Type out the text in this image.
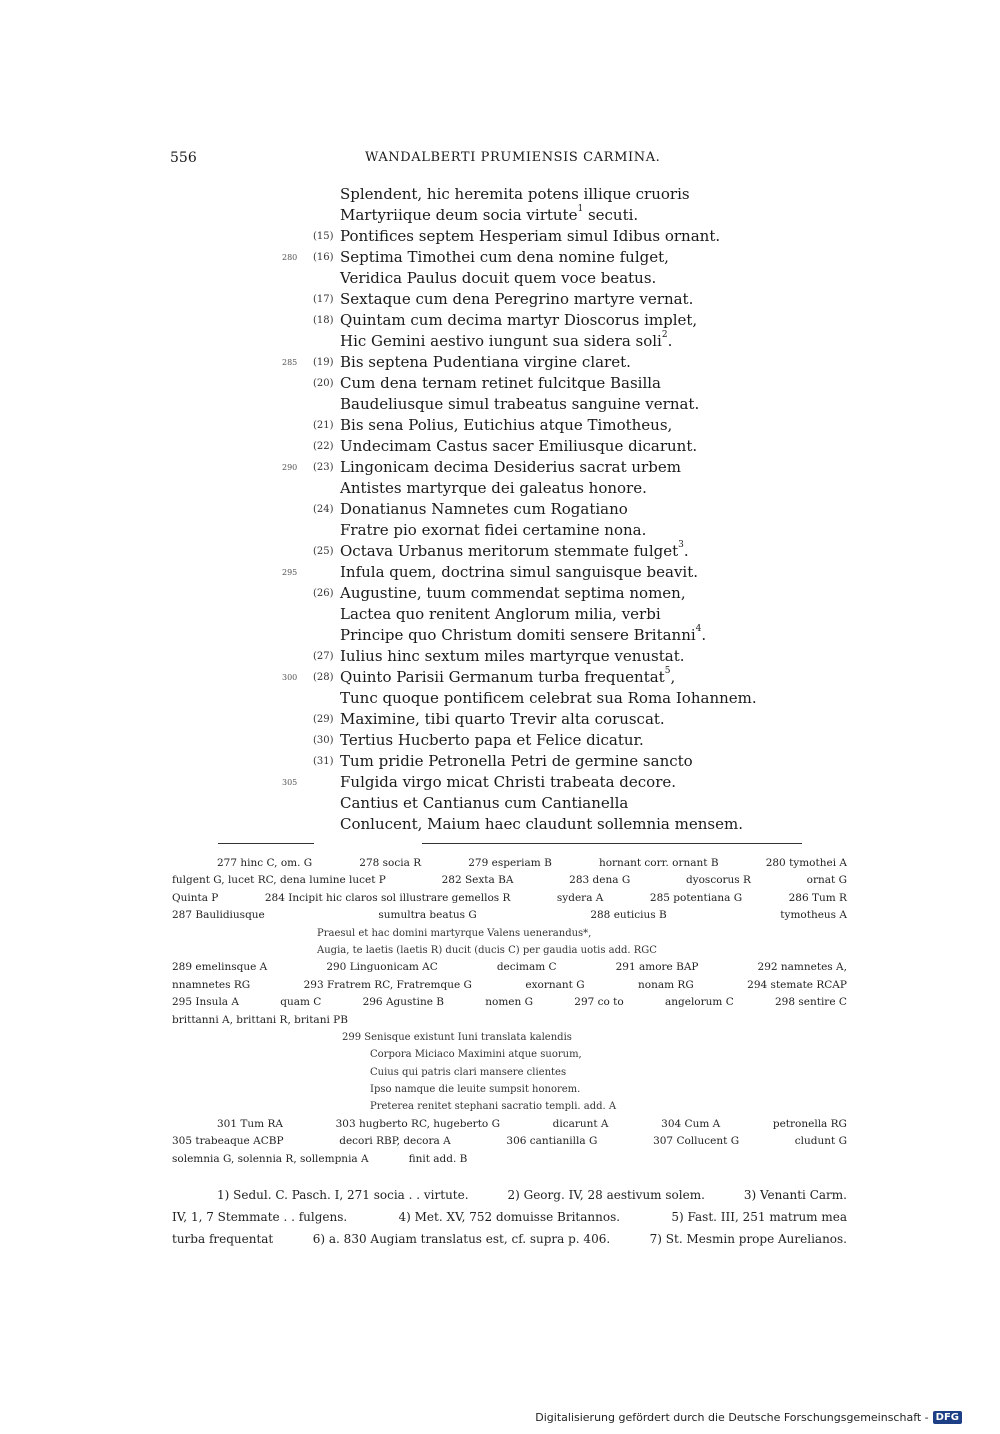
556	WANDALBERTI PRUMIENSIS CARMINA.
Splendent, hic heremita potens illique cruoris
Martyriique deum socia virtute$^1$ secuti.
(15) Pontifices septem Hesperiam simul Idibus ornant.
280 (16) Septima Timothei cum dena nomine fulget,
Veridica Paulus docuit quem voce beatus.
(17) Sextaque cum dena Peregrino martyre vernat.
(18) Quintam cum decima martyr Dioscorus implet,
Hic Gemini aestivo iungunt sua sidera soli$^2$.
285 (19) Bis septena Pudentiana virgine claret.
(20) Cum dena ternam retinet fulcitque Basilla
Baudeliusque simul trabeatus sanguine vernat.
(21) Bis sena Polius, Eutichius atque Timotheus,
(22) Undecimam Castus sacer Emiliusque dicarunt.
290 (23) Lingonicam decima Desiderius sacrat urbem
Antistes martyrque dei galeatus honore.
(24) Donatianus Namnetes cum Rogatiano
Fratre pio exornat fidei certamine nona.
(25) Octava Urbanus meritorum stemmate fulget$^3$.
295	Infula quem, doctrina simul sanguisque beavit.
(26) Augustine, tuum commendat septima nomen,
Lactea quo renitent Anglorum milia, verbi
Principe quo Christum domiti sensere Britanni$^4$.
(27) Iulius hinc sextum miles martyrque venustat.
300 (28) Quinto Parisii Germanum turba frequentat$^5$,
Tunc quoque pontificem celebrat sua Roma Iohannem.
(29) Maximine, tibi quarto Trevir alta coruscat.
(30) Tertius Hucberto papa et Felice dicatur.
(31) Tum pridie Petronella Petri de germine sancto
305	Fulgida virgo micat Christi trabeata decore.
Cantius et Cantianus cum Cantianella
Conlucent, Maium haec claudunt sollemnia mensem.
277 hinc C, om. G	278 socia R	279 esperiam B	hornant corr. ornant B	280 tymothei A
fulgent G, lucet RC, dena lumine lucet P	282 Sexta BA	283 dena G	dyoscorus R	ornat G
Quinta P	284 Incipit hic claros sol illustrare gemellos R	sydera A	285 potentiana G	286 Tum R
287 Baulidiusque	sumultra beatus G	288 euticius B	tymotheus A
Praesul et hac domini martyrque Valens uenerandus*,
Augia, te laetis (laetis R) ducit (ducis C) per gaudia uotis add. RGC
289 emelinsque A	290 Linguonicam AC	decimam C	291 amore BAP	292 namnetes A,
nnamnetes RG	293 Fratrem RC, Fratremque G	exornant G	nonam RG	294 stemate RCAP
295 Insula A	quam C	296 Agustine B	nomen G	297 co to	angelorum C	298 sentire C
brittanni A, brittani R, britani PB
299 Senisque existunt Iuni translata kalendis
Corpora Miciaco Maximini atque suorum,
Cuius qui patris clari mansere clientes
Ipso namque die leuite sumpsit honorem.
Preterea renitet stephani sacratio templi. add. A
301 Tum RA	303 hugberto RC, hugeberto G	dicarunt A	304 Cum A	petronella RG
305 trabeaque ACBP	decori RBP, decora A	306 cantianilla G	307 Collucent G	cludunt G
solemnia G, solennia R, sollempnia A	finit add. B
1) Sedul. C. Pasch. I, 271 socia . . virtute.	2) Georg. IV, 28 aestivum solem.	3) Venanti Carm.
IV, 1, 7 Stemmate . . fulgens.	4) Met. XV, 752 domuisse Britannos.	5) Fast. III, 251 matrum mea
turba frequentat	6) a. 830 Augiam translatus est, cf. supra p. 406.	7) St. Mesmin prope Aurelianos.
Digitalisierung gefördert durch die Deutsche Forschungsgemeinschaft - DFG
